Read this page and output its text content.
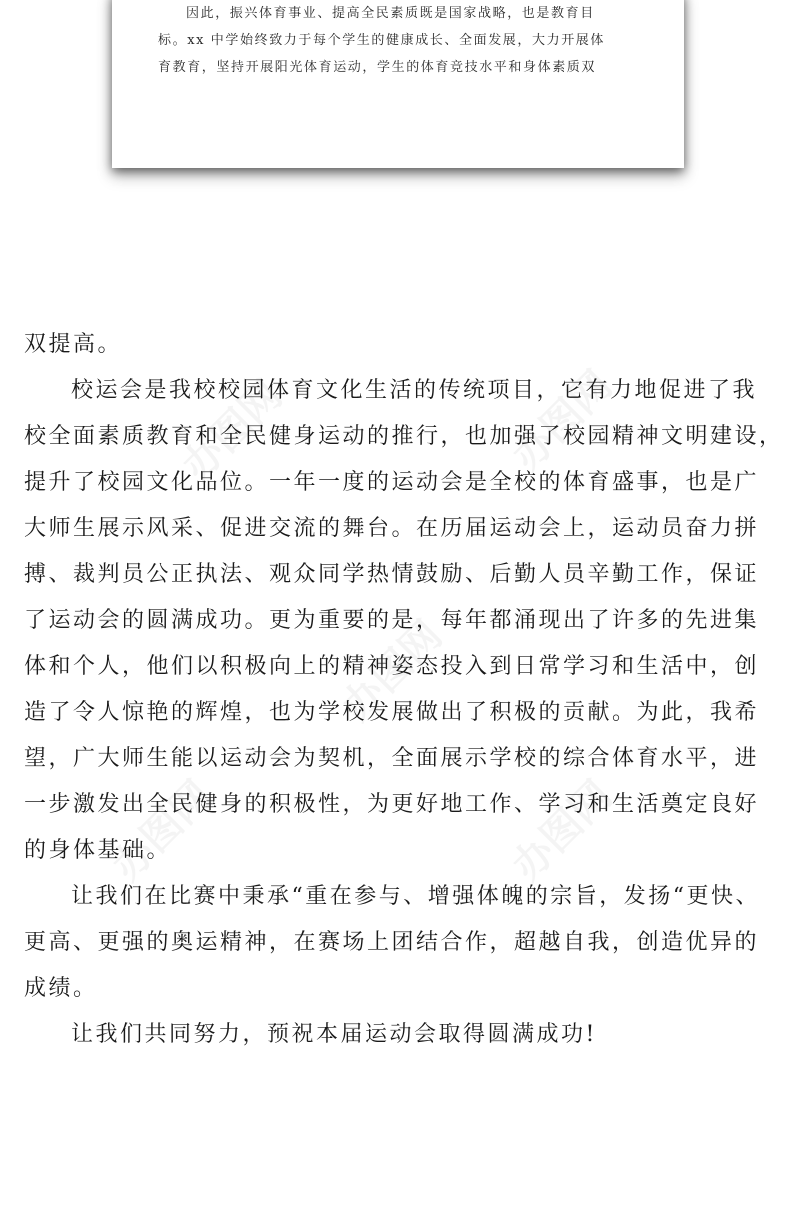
因此，振兴体育事业、提高全民素质既是国家战略，也是教育目

标。xx 中学始终致力于每个学生的健康成长、全面发展，大力开展体

育教育，坚持开展阳光体育运动，学生的体育竞技水平和身体素质双

双提高。

校运会是我校校园体育文化生活的传统项目，它有力地促进了我

校全面素质教育和全民健身运动的推行，也加强了校园精神文明建设，

提升了校园文化品位。一年一度的运动会是全校的体育盛事，也是广

大师生展示风采、促进交流的舞台。在历届运动会上，运动员奋力拼

搏、裁判员公正执法、观众同学热情鼓励、后勤人员辛勤工作，保证

了运动会的圆满成功。更为重要的是，每年都涌现出了许多的先进集

体和个人，他们以积极向上的精神姿态投入到日常学习和生活中，创

造了令人惊艳的辉煌，也为学校发展做出了积极的贡献。为此，我希

望，广大师生能以运动会为契机，全面展示学校的综合体育水平，进

一步激发出全民健身的积极性，为更好地工作、学习和生活奠定良好

的身体基础。

让我们在比赛中秉承“重在参与、增强体魄的宗旨，发扬“更快、

更高、更强的奥运精神，在赛场上团结合作，超越自我，创造优异的

成绩。

让我们共同努力，预祝本届运动会取得圆满成功!
